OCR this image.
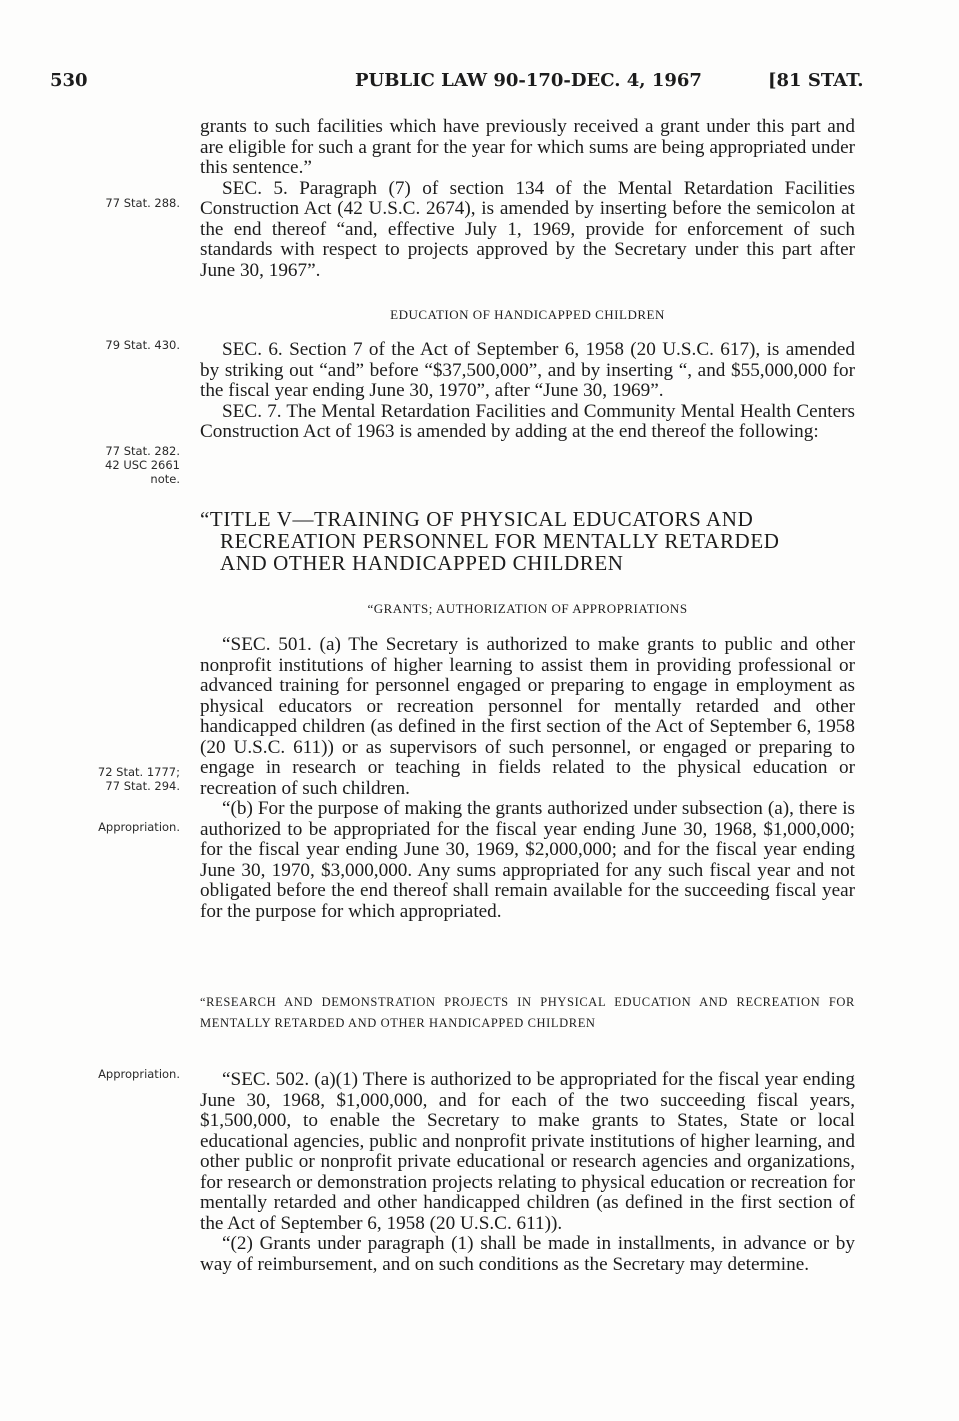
530	PUBLIC LAW 90-170-DEC. 4, 1967	[81 STAT.
77 Stat. 288.
79 Stat. 430.
77 Stat. 282.
42 USC 2661
note.
72 Stat. 1777;
77 Stat. 294.
Appropriation.
Appropriation.

grants to such facilities which have previously received a grant under this part and are eligible for such a grant for the year for which sums are being appropriated under this sentence.”

SEC. 5. Paragraph (7) of section 134 of the Mental Retardation Facilities Construction Act (42 U.S.C. 2674), is amended by inserting before the semicolon at the end thereof “and, effective July 1, 1969, provide for enforcement of such standards with respect to projects approved by the Secretary under this part after June 30, 1967”.

EDUCATION OF HANDICAPPED CHILDREN

SEC. 6. Section 7 of the Act of September 6, 1958 (20 U.S.C. 617), is amended by striking out “and” before “$37,500,000”, and by inserting “, and $55,000,000 for the fiscal year ending June 30, 1970”, after “June 30, 1969”.

SEC. 7. The Mental Retardation Facilities and Community Mental Health Centers Construction Act of 1963 is amended by adding at the end thereof the following:

“TITLE V—TRAINING OF PHYSICAL EDUCATORS AND
RECREATION PERSONNEL FOR MENTALLY RETARDED
AND OTHER HANDICAPPED CHILDREN
“GRANTS; AUTHORIZATION OF APPROPRIATIONS

“SEC. 501. (a) The Secretary is authorized to make grants to public and other nonprofit institutions of higher learning to assist them in providing professional or advanced training for personnel engaged or preparing to engage in employment as physical educators or recreation personnel for mentally retarded and other handicapped children (as defined in the first section of the Act of September 6, 1958 (20 U.S.C. 611)) or as supervisors of such personnel, or engaged or preparing to engage in research or teaching in fields related to the physical education or recreation of such children.

“(b) For the purpose of making the grants authorized under subsection (a), there is authorized to be appropriated for the fiscal year ending June 30, 1968, $1,000,000; for the fiscal year ending June 30, 1969, $2,000,000; and for the fiscal year ending June 30, 1970, $3,000,000. Any sums appropriated for any such fiscal year and not obligated before the end thereof shall remain available for the succeeding fiscal year for the purpose for which appropriated.

“RESEARCH AND DEMONSTRATION PROJECTS IN PHYSICAL EDUCATION AND RECREATION FOR MENTALLY RETARDED AND OTHER HANDICAPPED CHILDREN

“SEC. 502. (a)(1) There is authorized to be appropriated for the fiscal year ending June 30, 1968, $1,000,000, and for each of the two succeeding fiscal years, $1,500,000, to enable the Secretary to make grants to States, State or local educational agencies, public and nonprofit private institutions of higher learning, and other public or nonprofit private educational or research agencies and organizations, for research or demonstration projects relating to physical education or recreation for mentally retarded and other handicapped children (as defined in the first section of the Act of September 6, 1958 (20 U.S.C. 611)).

“(2) Grants under paragraph (1) shall be made in installments, in advance or by way of reimbursement, and on such conditions as the Secretary may determine.
